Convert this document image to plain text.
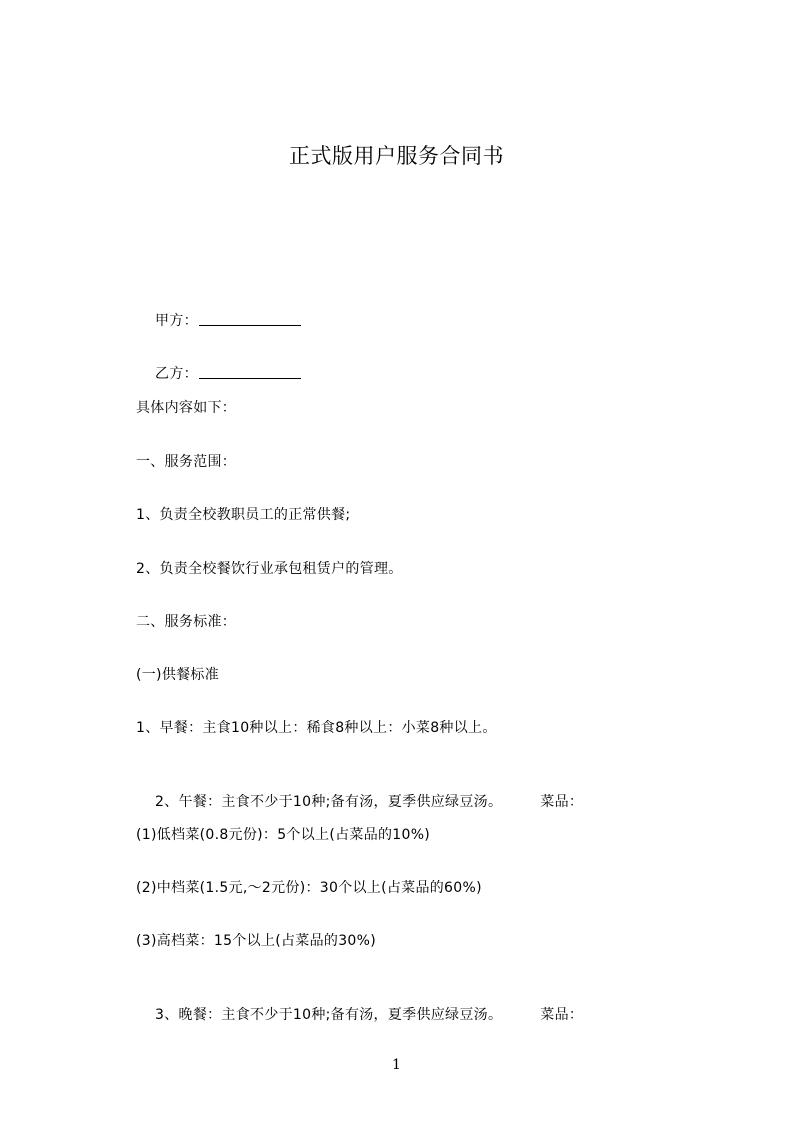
正式版用户服务合同书

甲方：

乙方：

具体内容如下：
一、服务范围：
1、负责全校教职员工的正常供餐;
2、负责全校餐饮行业承包租赁户的管理。
二、服务标准：
(一)供餐标准
1、早餐：主食10种以上：稀食8种以上：小菜8种以上。

2、午餐：主食不少于10种;备有汤，夏季供应绿豆汤。	菜品：

(1)低档菜(0.8元份)：5个以上(占菜品的10%)
(2)中档菜(1.5元,～2元份)：30个以上(占菜品的60%)
(3)高档菜：15个以上(占菜品的30%)

3、晚餐：主食不少于10种;备有汤，夏季供应绿豆汤。	菜品：

1
